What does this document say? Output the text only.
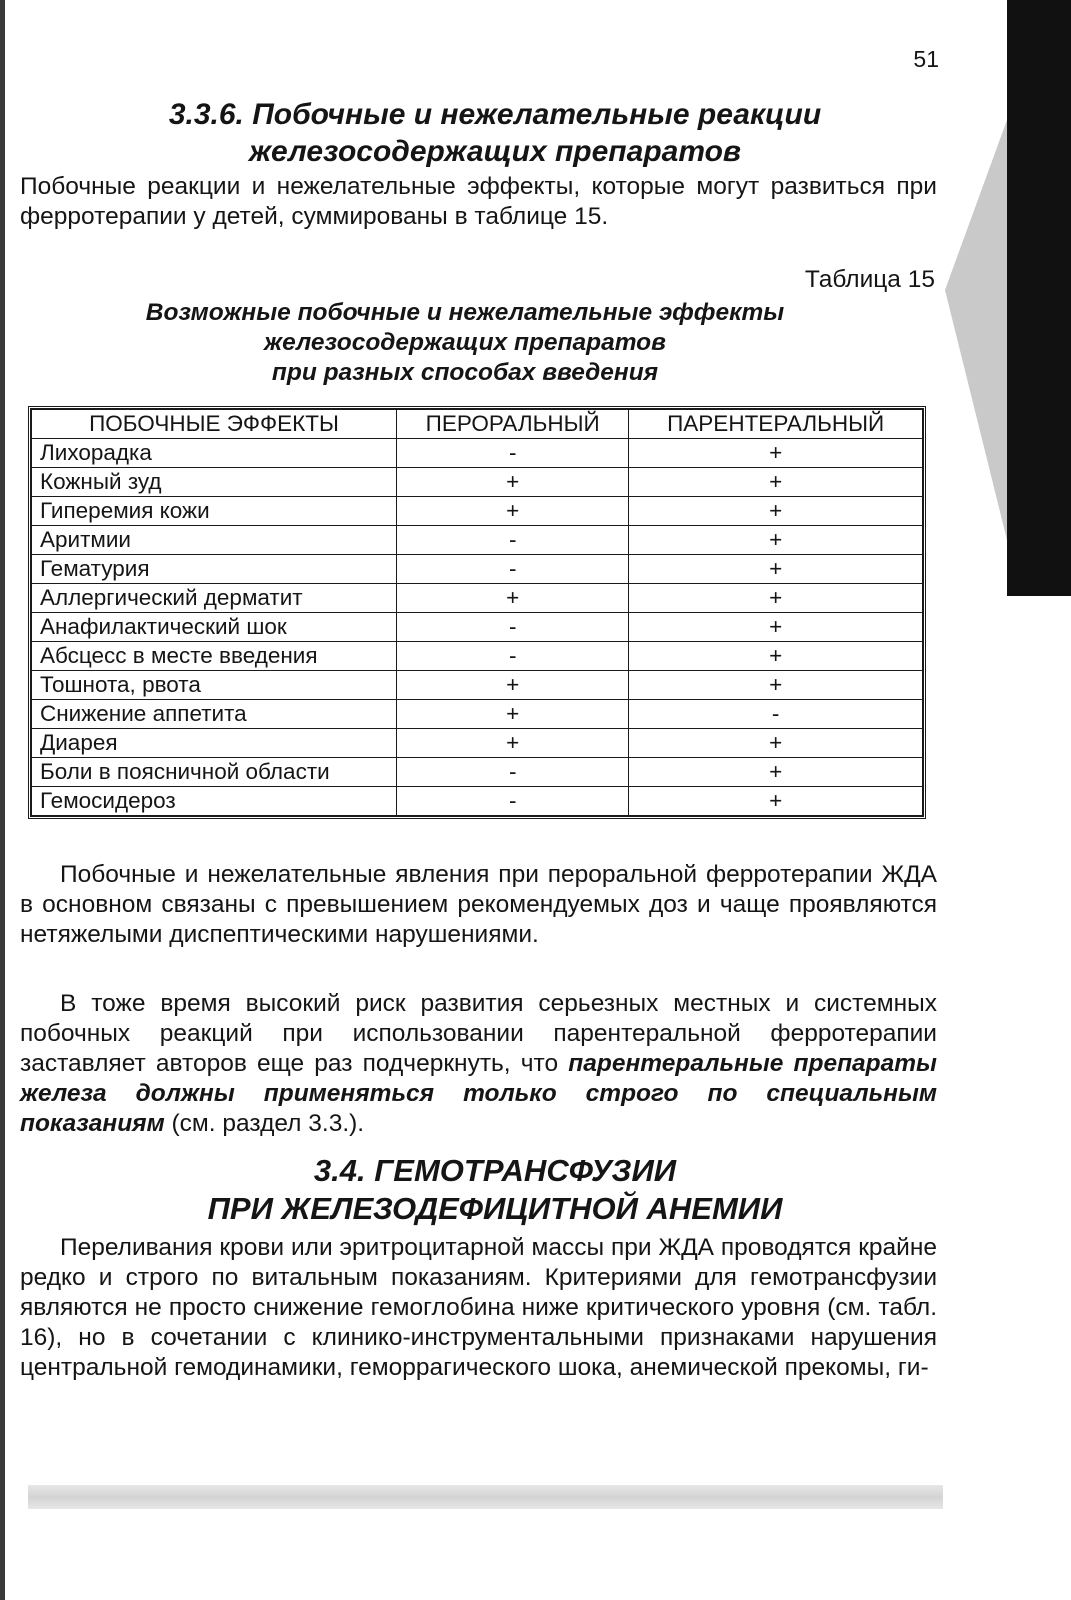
51
3.3.6. Побочные и нежелательные реакции
железосодержащих препаратов

Побочные реакции и нежелательные эффекты, которые могут развиться при ферротерапии у детей, суммированы в таблице 15.

Таблица 15

Возможные побочные и нежелательные эффекты
железосодержащих препаратов
при разных способах введения

ПОБОЧНЫЕ ЭФФЕКТЫ	ПЕРОРАЛЬНЫЙ	ПАРЕНТЕРАЛЬНЫЙ
Лихорадка	-	+
Кожный зуд	+	+
Гиперемия кожи	+	+
Аритмии	-	+
Гематурия	-	+
Аллергический дерматит	+	+
Анафилактический шок	-	+
Абсцесс в месте введения	-	+
Тошнота, рвота	+	+
Снижение аппетита	+	-
Диарея	+	+
Боли в поясничной области	-	+
Гемосидероз	-	+

Побочные и нежелательные явления при пероральной ферротерапии ЖДА в основном связаны с превышением рекомендуемых доз и чаще проявляются нетяжелыми диспептическими нарушениями.

В тоже время высокий риск развития серьезных местных и системных побочных реакций при использовании парентеральной ферротерапии заставляет авторов еще раз подчеркнуть, что парентеральные препараты железа должны применяться только строго по специальным показаниям (см. раздел 3.3.).

3.4. ГЕМОТРАНСФУЗИИ
ПРИ ЖЕЛЕЗОДЕФИЦИТНОЙ АНЕМИИ

Переливания крови или эритроцитарной массы при ЖДА проводятся крайне редко и строго по витальным показаниям. Критериями для гемотрансфузии являются не просто снижение гемоглобина ниже критического уровня (см. табл. 16), но в сочетании с клинико-инструментальными признаками нарушения центральной гемодинамики, геморрагического шока, анемической прекомы, ги-
